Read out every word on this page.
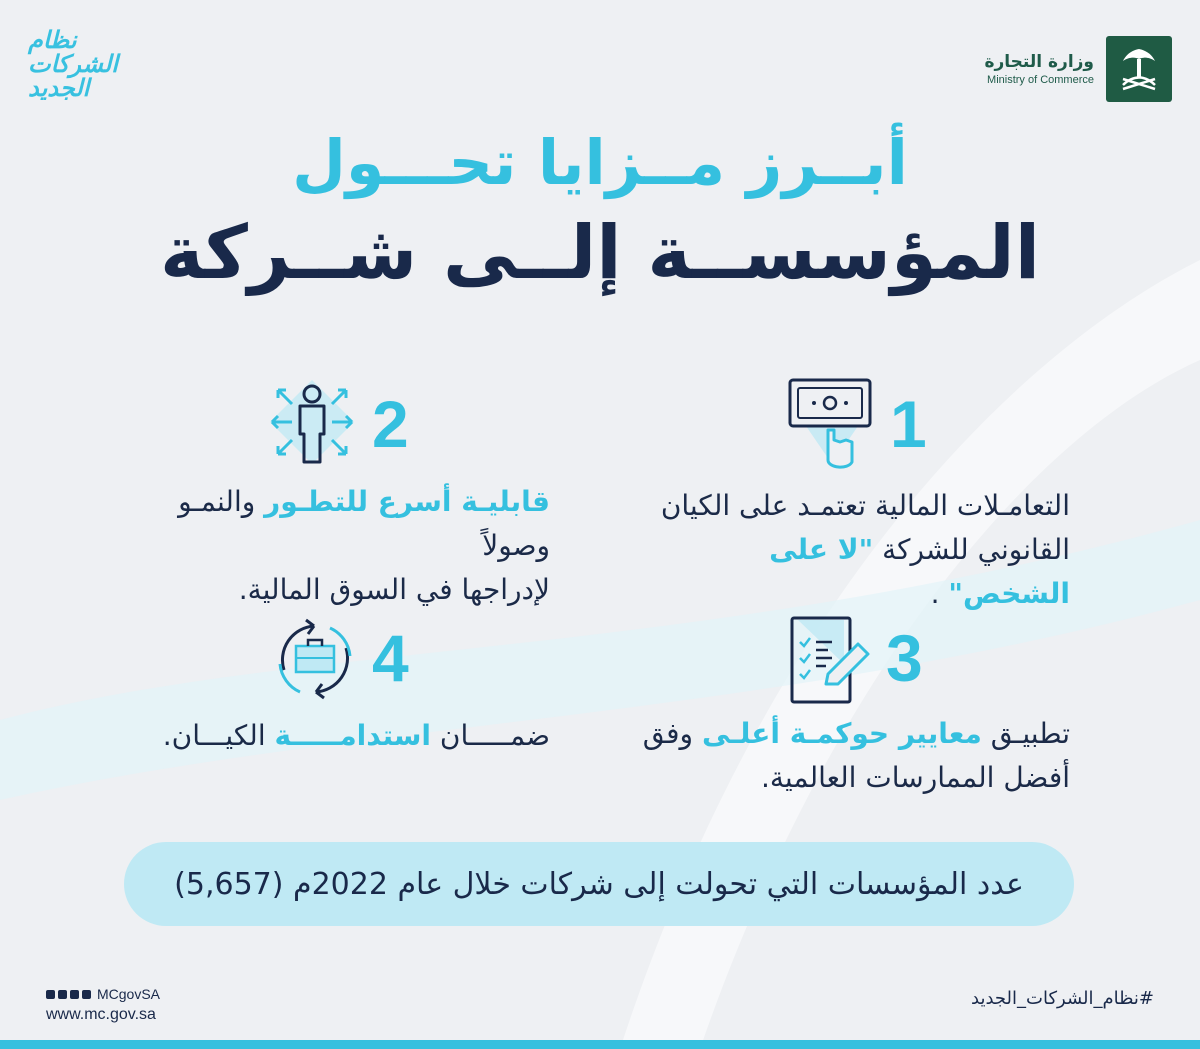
نظام
الشركات
الجديد
وزارة التجارة
Ministry of Commerce
أبــرز مــزايا تحـــول
المؤسســة إلــى شــركة
1
التعامـلات المالية تعتمـد على الكيان
القانوني للشركة "لا على الشخص" .
2
قابليـة أسرع للتطـور والنمـو وصولاً
لإدراجها في السوق المالية.
3
تطبيـق معايير حوكمـة أعلـى وفق
أفضل الممارسات العالمية.
4
ضمـــــان استدامـــــة الكيـــان.
عدد المؤسسات التي تحولت إلى شركات خلال عام 2022م (5,657)
MCgovSA
www.mc.gov.sa
#نظام_الشركات_الجديد
